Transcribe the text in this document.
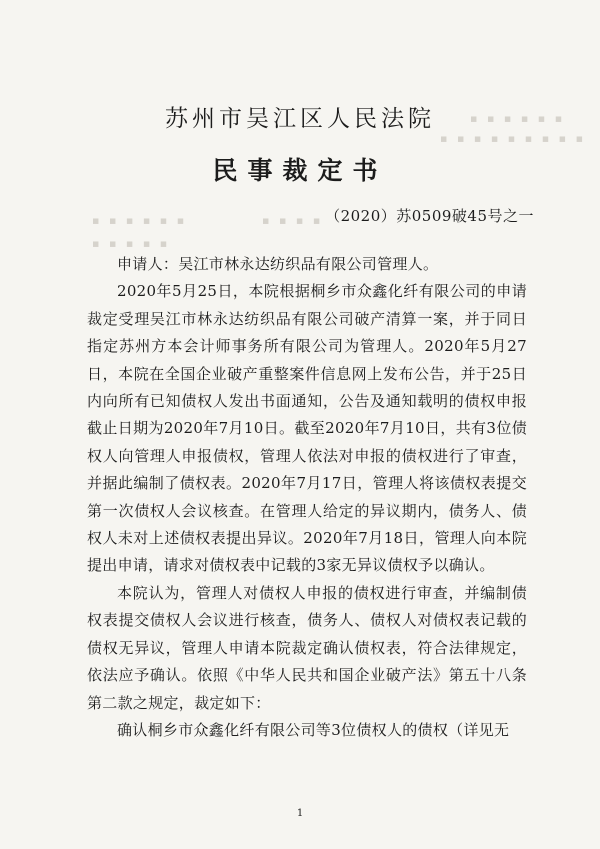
▪ ▪ ▪ ▪ ▪ ▪
▪ ▪ ▪ ▪ ▪ ▪ ▪ ▪ ▪
▪ ▪ ▪ ▪ ▪ ▪
▪ ▪ ▪ ▪ ▪
▪ ▪ ▪ ▪
苏州市吴江区人民法院
民事裁定书
（2020）苏0509破45号之一

申请人：吴江市林永达纺织品有限公司管理人。

2020年5月25日，本院根据桐乡市众鑫化纤有限公司的申请裁定受理吴江市林永达纺织品有限公司破产清算一案，并于同日指定苏州方本会计师事务所有限公司为管理人。2020年5月27日，本院在全国企业破产重整案件信息网上发布公告，并于25日内向所有已知债权人发出书面通知，公告及通知载明的债权申报截止日期为2020年7月10日。截至2020年7月10日，共有3位债权人向管理人申报债权，管理人依法对申报的债权进行了审查，并据此编制了债权表。2020年7月17日，管理人将该债权表提交第一次债权人会议核查。在管理人给定的异议期内，债务人、债权人未对上述债权表提出异议。2020年7月18日，管理人向本院提出申请，请求对债权表中记载的3家无异议债权予以确认。

本院认为，管理人对债权人申报的债权进行审查，并编制债权表提交债权人会议进行核查，债务人、债权人对债权表记载的债权无异议，管理人申请本院裁定确认债权表，符合法律规定，依法应予确认。依照《中华人民共和国企业破产法》第五十八条第二款之规定，裁定如下：

确认桐乡市众鑫化纤有限公司等3位债权人的债权（详见无

1
